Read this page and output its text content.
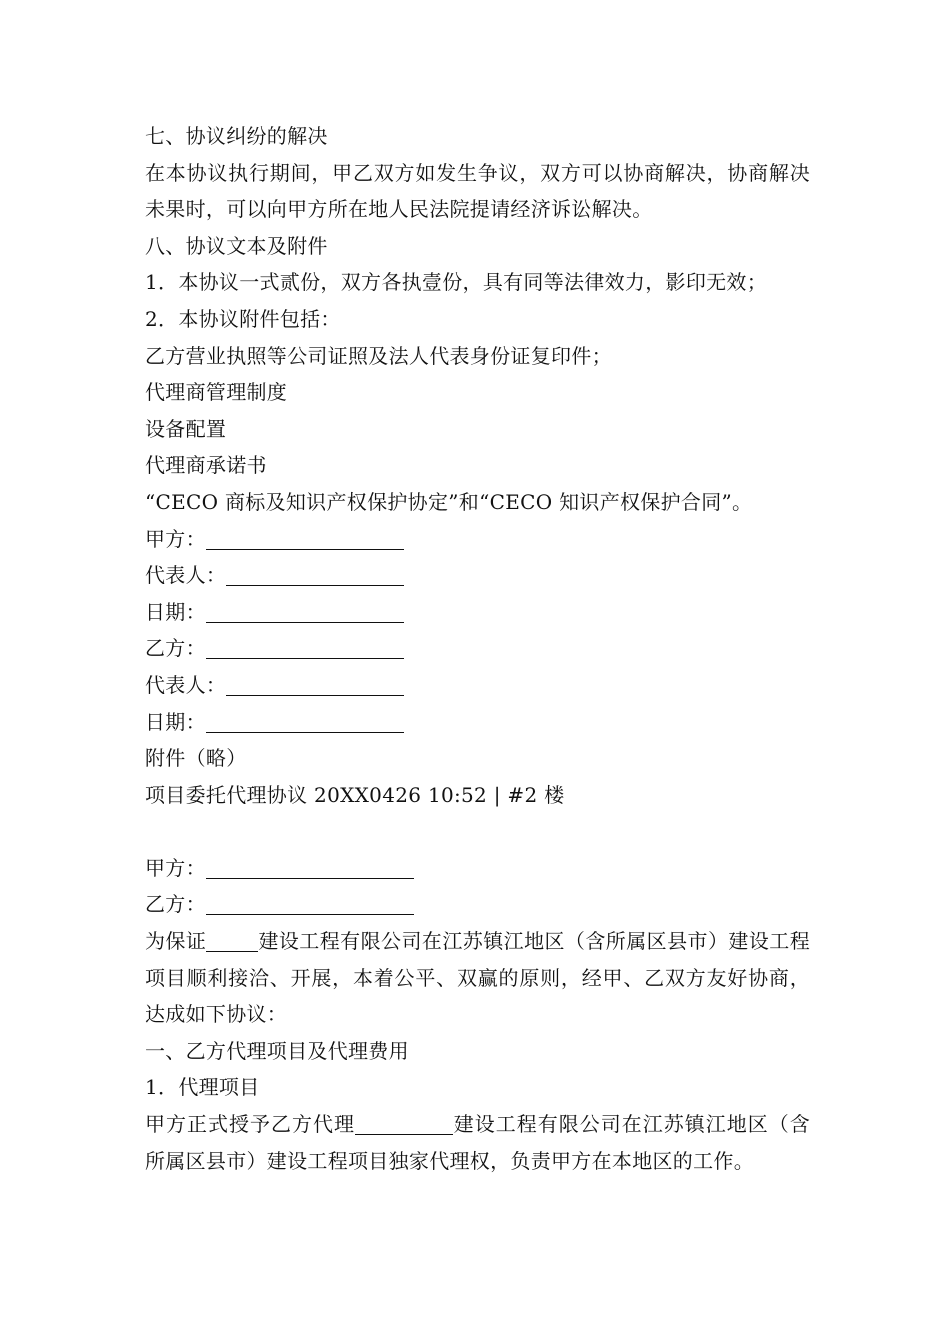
七、协议纠纷的解决
在本协议执行期间，甲乙双方如发生争议，双方可以协商解决，协商解决未果时，可以向甲方所在地人民法院提请经济诉讼解决。
八、协议文本及附件
1．本协议一式贰份，双方各执壹份，具有同等法律效力，影印无效；
2．本协议附件包括：
乙方营业执照等公司证照及法人代表身份证复印件；
代理商管理制度
设备配置
代理商承诺书
“CECO 商标及知识产权保护协定”和“CECO 知识产权保护合同”。
甲方：
代表人：
日期：
乙方：
代表人：
日期：
附件（略）
项目委托代理协议 20XX0426 10:52 | #2 楼
甲方：
乙方：
为保证	建设工程有限公司在江苏镇江地区（含所属区县市）建设工程项目顺利接洽、开展，本着公平、双赢的原则，经甲、乙双方友好协商，达成如下协议：
一、乙方代理项目及代理费用
1．代理项目
甲方正式授予乙方代理	建设工程有限公司在江苏镇江地区（含所属区县市）建设工程项目独家代理权，负责甲方在本地区的工作。
